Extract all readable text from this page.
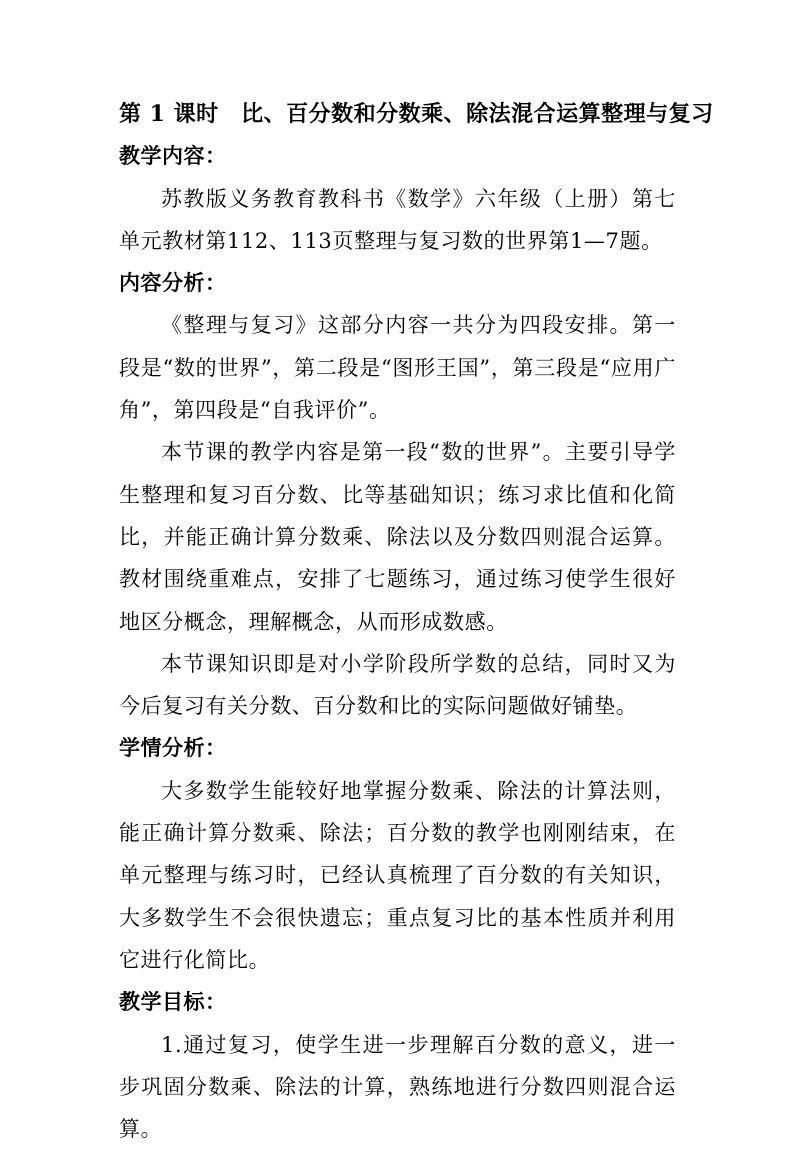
第 1 课时　比、百分数和分数乘、除法混合运算整理与复习
教学内容：

苏教版义务教育教科书《数学》六年级（上册）第七单元教材第112、113页整理与复习数的世界第1—7题。

内容分析：

《整理与复习》这部分内容一共分为四段安排。第一段是“数的世界”，第二段是“图形王国”，第三段是“应用广角”，第四段是“自我评价”。

本节课的教学内容是第一段“数的世界”。主要引导学生整理和复习百分数、比等基础知识；练习求比值和化简比，并能正确计算分数乘、除法以及分数四则混合运算。教材围绕重难点，安排了七题练习，通过练习使学生很好地区分概念，理解概念，从而形成数感。

本节课知识即是对小学阶段所学数的总结，同时又为今后复习有关分数、百分数和比的实际问题做好铺垫。

学情分析：

大多数学生能较好地掌握分数乘、除法的计算法则，能正确计算分数乘、除法；百分数的教学也刚刚结束，在单元整理与练习时，已经认真梳理了百分数的有关知识，大多数学生不会很快遗忘；重点复习比的基本性质并利用它进行化简比。

教学目标：

1.通过复习，使学生进一步理解百分数的意义，进一步巩固分数乘、除法的计算，熟练地进行分数四则混合运算。
